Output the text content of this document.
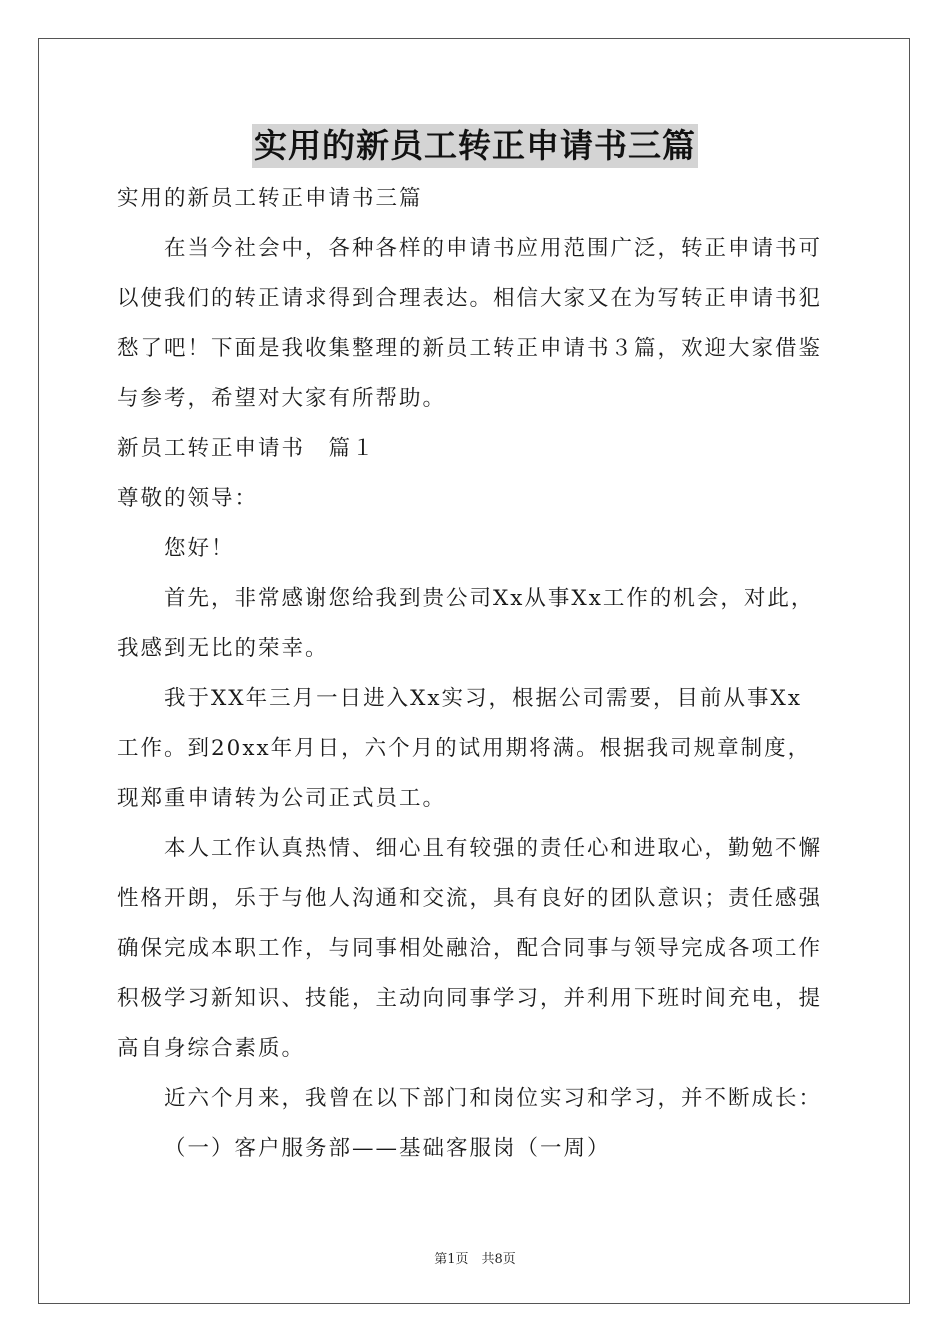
实用的新员工转正申请书三篇
实用的新员工转正申请书三篇
在当今社会中，各种各样的申请书应用范围广泛，转正申请书可
以使我们的转正请求得到合理表达。相信大家又在为写转正申请书犯
愁了吧！下面是我收集整理的新员工转正申请书３篇，欢迎大家借鉴
与参考，希望对大家有所帮助。
新员工转正申请书　篇１
尊敬的领导：
您好！
首先，非常感谢您给我到贵公司Xx从事Xx工作的机会，对此，
我感到无比的荣幸。
我于XX年三月一日进入Xx实习，根据公司需要，目前从事Xx
工作。到20xx年月日，六个月的试用期将满。根据我司规章制度，
现郑重申请转为公司正式员工。
本人工作认真热情、细心且有较强的责任心和进取心，勤勉不懈
性格开朗，乐于与他人沟通和交流，具有良好的团队意识；责任感强
确保完成本职工作，与同事相处融洽，配合同事与领导完成各项工作
积极学习新知识、技能，主动向同事学习，并利用下班时间充电，提
高自身综合素质。
近六个月来，我曾在以下部门和岗位实习和学习，并不断成长：
（一）客户服务部——基础客服岗（一周）
第1页　共8页
